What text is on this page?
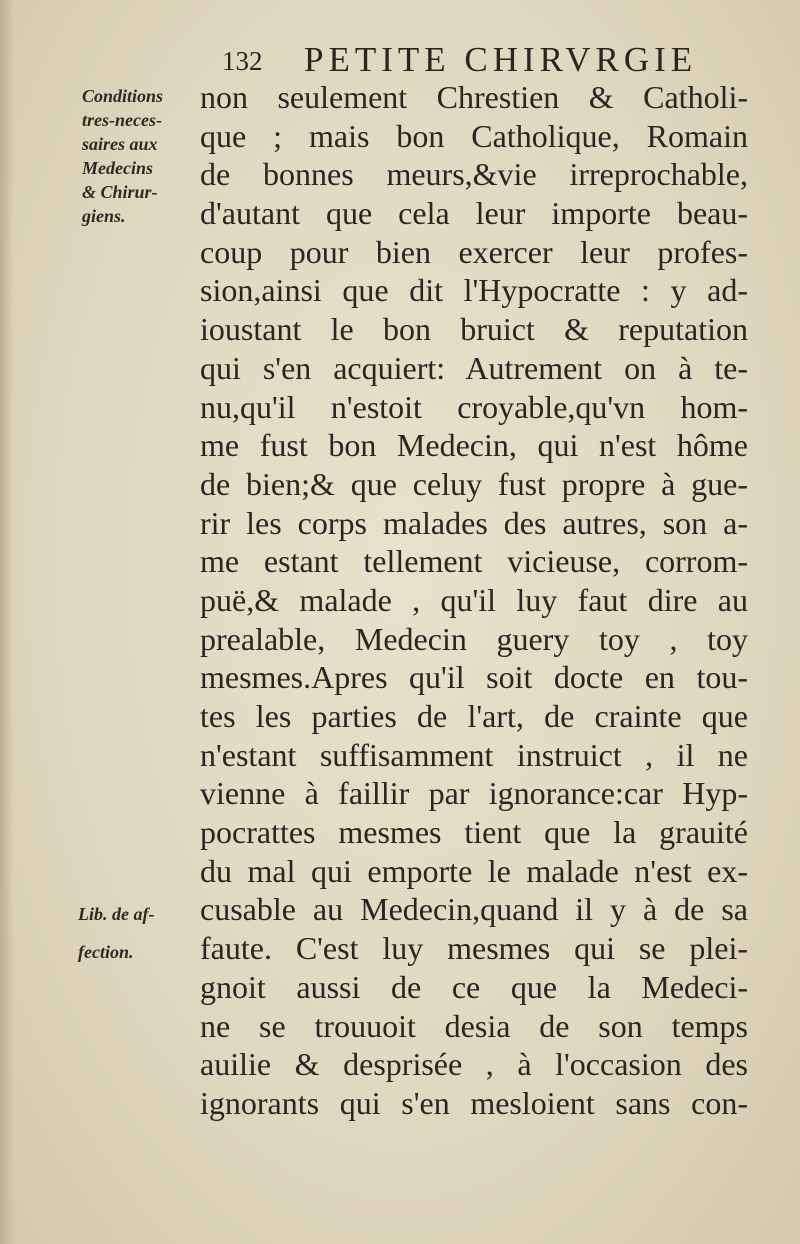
132 PETITE CHIRVRGIE
Conditions
tres-neces-
saires aux
Medecins
& Chirur-
giens.
Lib. de af-
fection.
non seulement Chrestien & Catholi-
que ; mais bon Catholique, Romain
de bonnes meurs,&vie irreprochable,
d'autant que cela leur importe beau-
coup pour bien exercer leur profes-
sion,ainsi que dit l'Hypocratte : y ad-
ioustant le bon bruict & reputation
qui s'en acquiert: Autrement on à te-
nu,qu'il n'estoit croyable,qu'vn hom-
me fust bon Medecin, qui n'est hôme
de bien;& que celuy fust propre à gue-
rir les corps malades des autres, son a-
me estant tellement vicieuse, corrom-
puë,& malade , qu'il luy faut dire au
prealable, Medecin guery toy , toy
mesmes.Apres qu'il soit docte en tou-
tes les parties de l'art, de crainte que
n'estant suffisamment instruict , il ne
vienne à faillir par ignorance:car Hyp-
pocrattes mesmes tient que la grauité
du mal qui emporte le malade n'est ex-
cusable au Medecin,quand il y à de sa
faute. C'est luy mesmes qui se plei-
gnoit aussi de ce que la Medeci-
ne se trouuoit desia de son temps
auilie & desprisée , à l'occasion des
ignorants qui s'en mesloient sans con-
